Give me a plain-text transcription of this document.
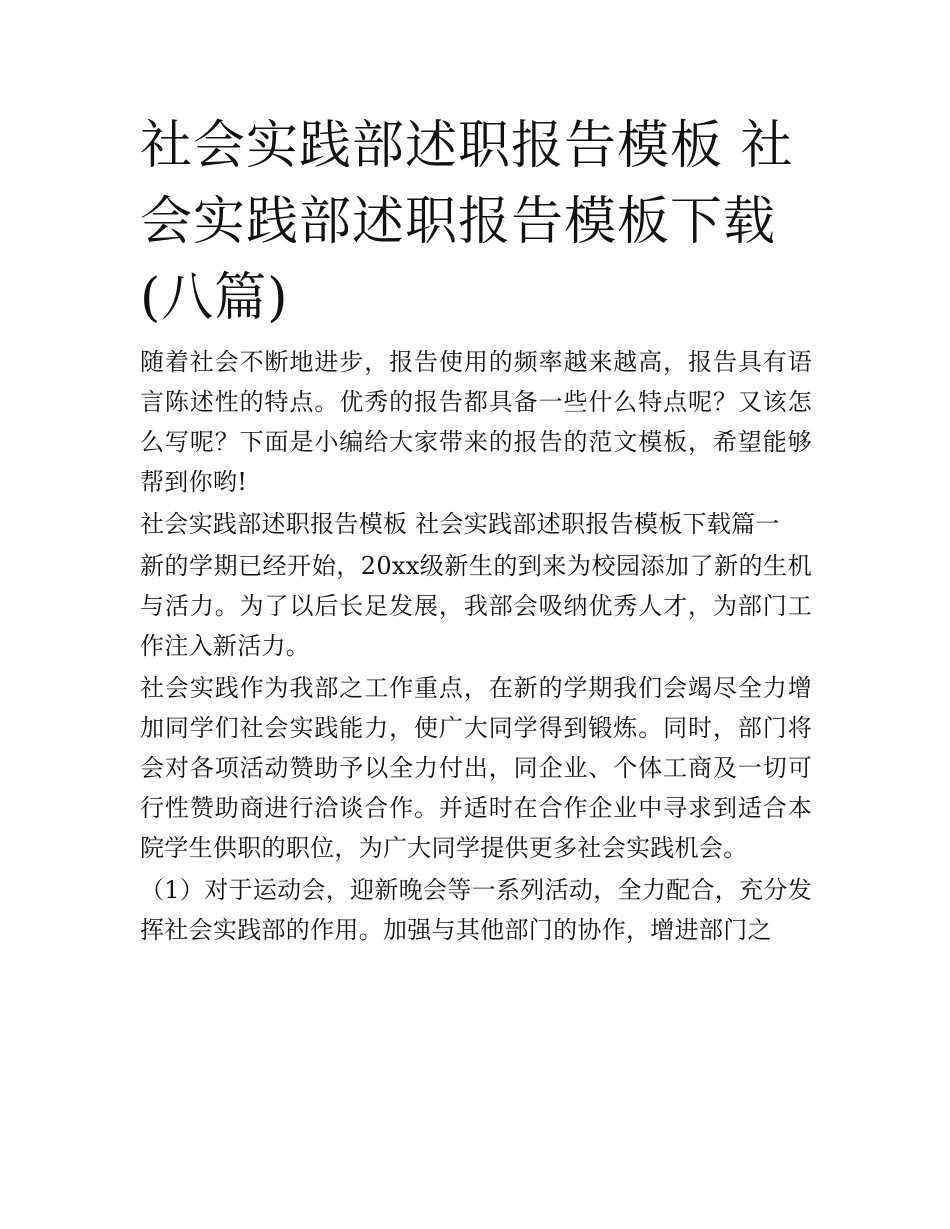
社会实践部述职报告模板 社会实践部述职报告模板下载(八篇)

随着社会不断地进步，报告使用的频率越来越高，报告具有语言陈述性的特点。优秀的报告都具备一些什么特点呢？又该怎么写呢？下面是小编给大家带来的报告的范文模板，希望能够帮到你哟!

社会实践部述职报告模板 社会实践部述职报告模板下载篇一

新的学期已经开始，20xx级新生的到来为校园添加了新的生机与活力。为了以后长足发展，我部会吸纳优秀人才，为部门工作注入新活力。

社会实践作为我部之工作重点，在新的学期我们会竭尽全力增加同学们社会实践能力，使广大同学得到锻炼。同时，部门将会对各项活动赞助予以全力付出，同企业、个体工商及一切可行性赞助商进行洽谈合作。并适时在合作企业中寻求到适合本院学生供职的职位，为广大同学提供更多社会实践机会。

（1）对于运动会，迎新晚会等一系列活动，全力配合，充分发挥社会实践部的作用。加强与其他部门的协作，增进部门之
